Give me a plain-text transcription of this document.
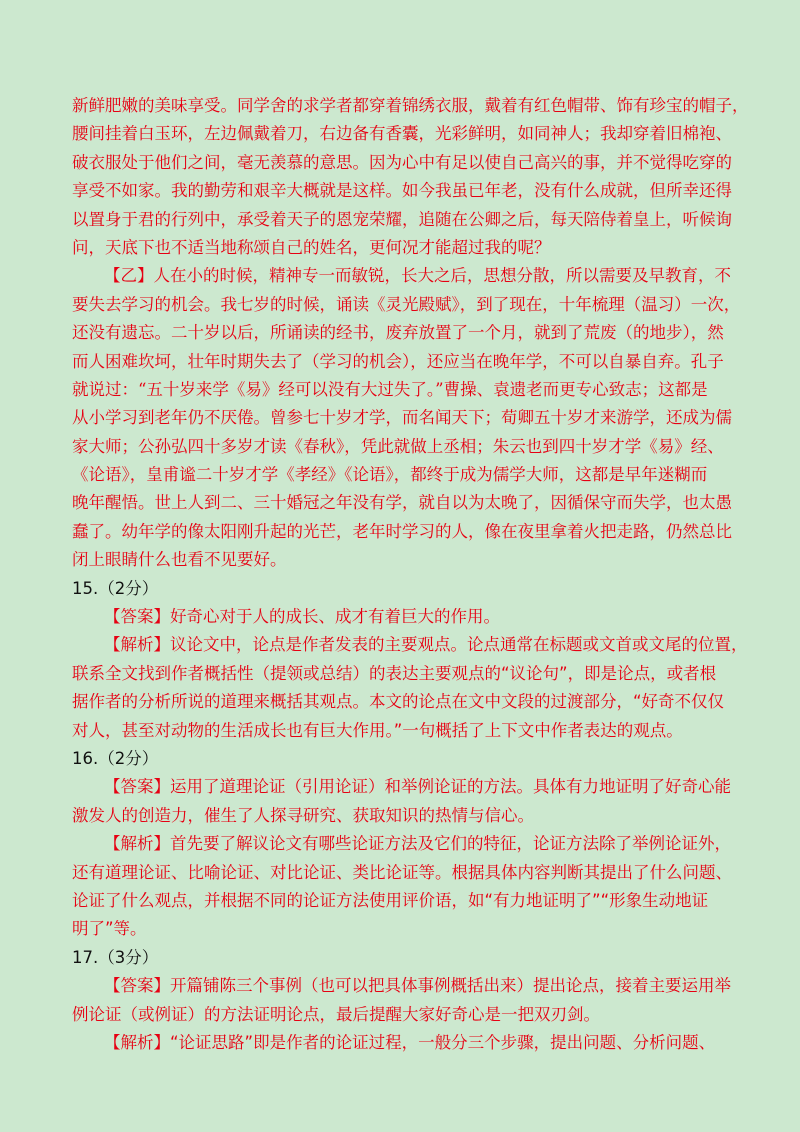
新鲜肥嫩的美味享受。同学舍的求学者都穿着锦绣衣服，戴着有红色帽带、饰有珍宝的帽子，
腰间挂着白玉环，左边佩戴着刀，右边备有香囊，光彩鲜明，如同神人；我却穿着旧棉袍、
破衣服处于他们之间，毫无羡慕的意思。因为心中有足以使自己高兴的事，并不觉得吃穿的
享受不如家。我的勤劳和艰辛大概就是这样。如今我虽已年老，没有什么成就，但所幸还得
以置身于君的行列中，承受着天子的恩宠荣耀，追随在公卿之后，每天陪侍着皇上，听候询
问，天底下也不适当地称颂自己的姓名，更何况才能超过我的呢？
【乙】人在小的时候，精神专一而敏锐，长大之后，思想分散，所以需要及早教育，不
要失去学习的机会。我七岁的时候，诵读《灵光殿赋》，到了现在，十年梳理（温习）一次，
还没有遗忘。二十岁以后，所诵读的经书，废弃放置了一个月，就到了荒废（的地步），然
而人困难坎坷，壮年时期失去了（学习的机会），还应当在晚年学，不可以自暴自弃。孔子
就说过：“五十岁来学《易》经可以没有大过失了。”曹操、袁遗老而更专心致志；这都是
从小学习到老年仍不厌倦。曾参七十岁才学，而名闻天下；荀卿五十岁才来游学，还成为儒
家大师；公孙弘四十多岁才读《春秋》，凭此就做上丞相；朱云也到四十岁才学《易》经、
《论语》，皇甫谧二十岁才学《孝经》《论语》，都终于成为儒学大师，这都是早年迷糊而
晚年醒悟。世上人到二、三十婚冠之年没有学，就自以为太晚了，因循保守而失学，也太愚
蠢了。幼年学的像太阳刚升起的光芒，老年时学习的人，像在夜里拿着火把走路，仍然总比
闭上眼睛什么也看不见要好。
15.（2分）
【答案】好奇心对于人的成长、成才有着巨大的作用。
【解析】议论文中，论点是作者发表的主要观点。论点通常在标题或文首或文尾的位置，
联系全文找到作者概括性（提领或总结）的表达主要观点的“议论句”，即是论点，或者根
据作者的分析所说的道理来概括其观点。本文的论点在文中文段的过渡部分，“好奇不仅仅
对人，甚至对动物的生活成长也有巨大作用。”一句概括了上下文中作者表达的观点。
16.（2分）
【答案】运用了道理论证（引用论证）和举例论证的方法。具体有力地证明了好奇心能
激发人的创造力，催生了人探寻研究、获取知识的热情与信心。
【解析】首先要了解议论文有哪些论证方法及它们的特征，论证方法除了举例论证外，
还有道理论证、比喻论证、对比论证、类比论证等。根据具体内容判断其提出了什么问题、
论证了什么观点，并根据不同的论证方法使用评价语，如“有力地证明了”“形象生动地证
明了”等。
17.（3分）
【答案】开篇铺陈三个事例（也可以把具体事例概括出来）提出论点，接着主要运用举
例论证（或例证）的方法证明论点，最后提醒大家好奇心是一把双刃剑。
【解析】“论证思路”即是作者的论证过程，一般分三个步骤，提出问题、分析问题、
